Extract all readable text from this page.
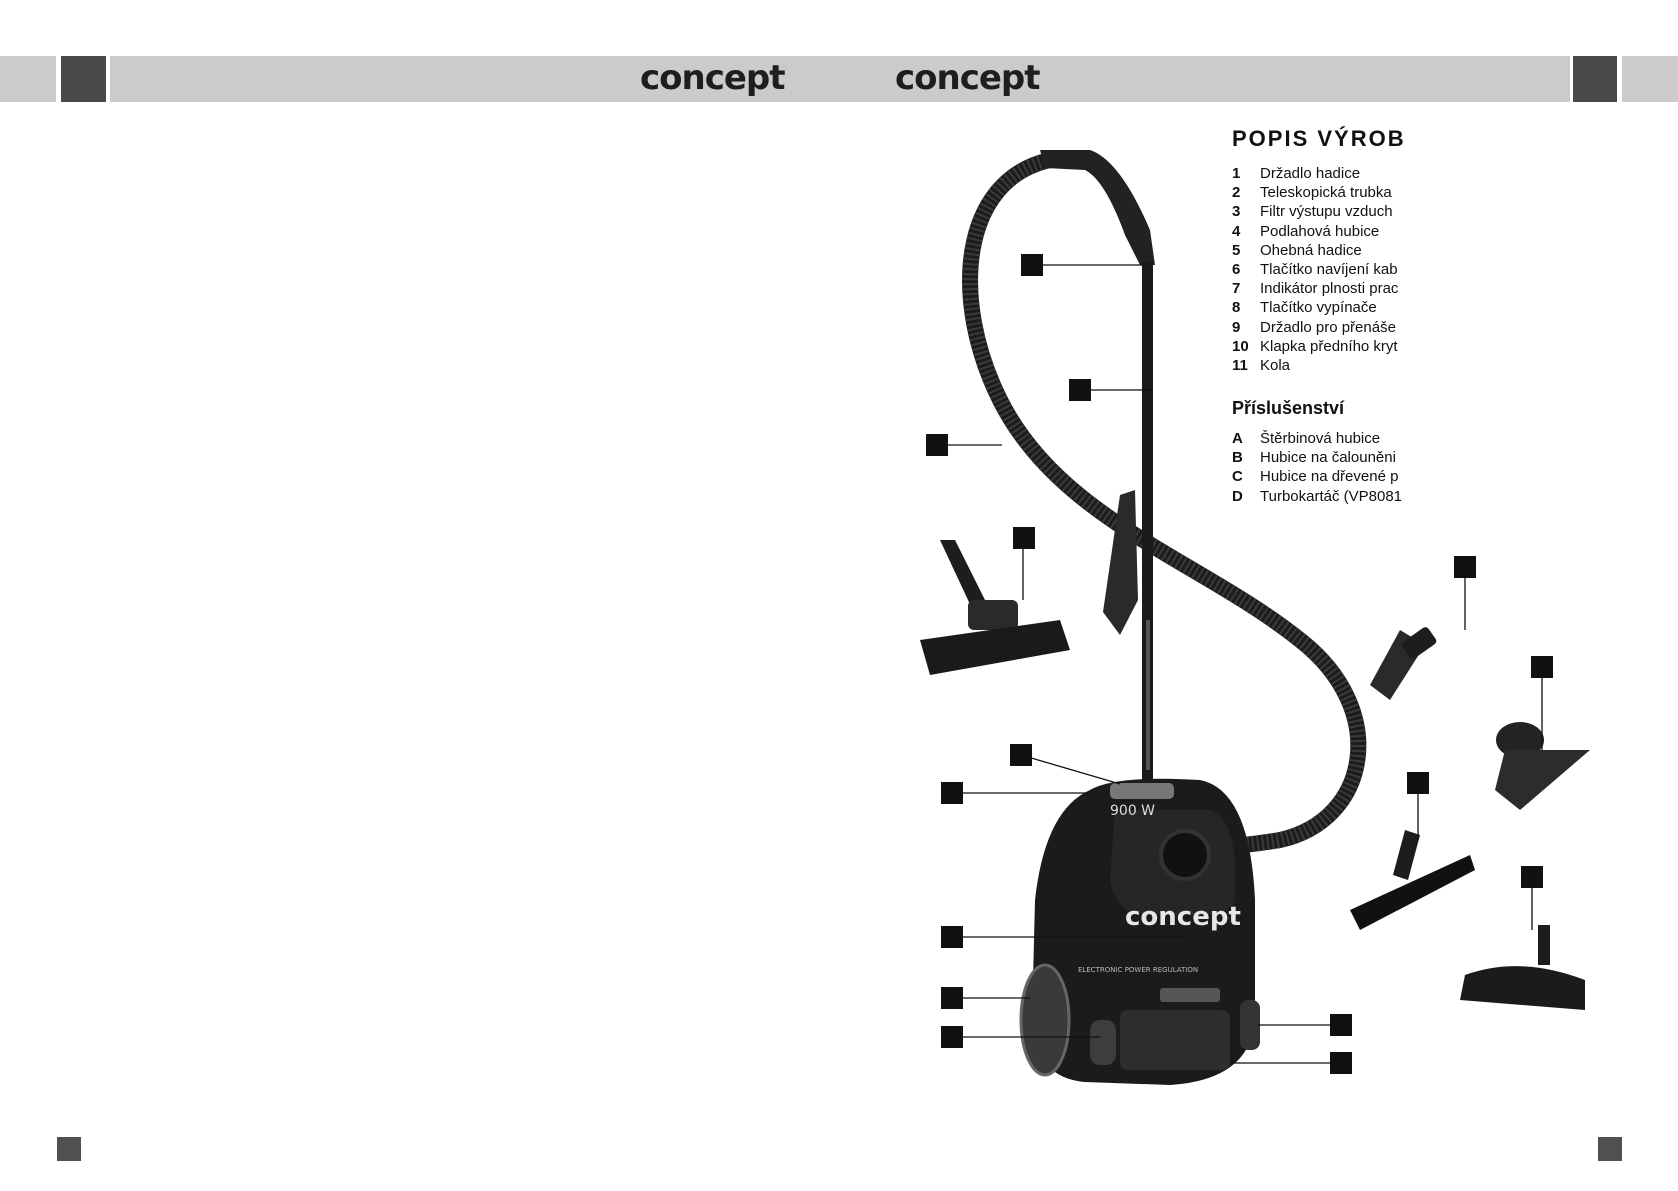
concept	concept
POPIS VÝROB
1	Držadlo hadice
2	Teleskopická trubka
3	Filtr výstupu vzduch
4	Podlahová hubice
5	Ohebná hadice
6	Tlačítko navíjení kab
7	Indikátor plnosti prac
8	Tlačítko vypínače
9	Držadlo pro přenáše
10 Klapka předního kryt
11 Kola
Příslušenství
A	Štěrbinová hubice
B	Hubice na čalouněni
C	Hubice na dřevené p
D	Turbokartáč (VP8081
900 W
concept
ELECTRONIC POWER REGULATION
